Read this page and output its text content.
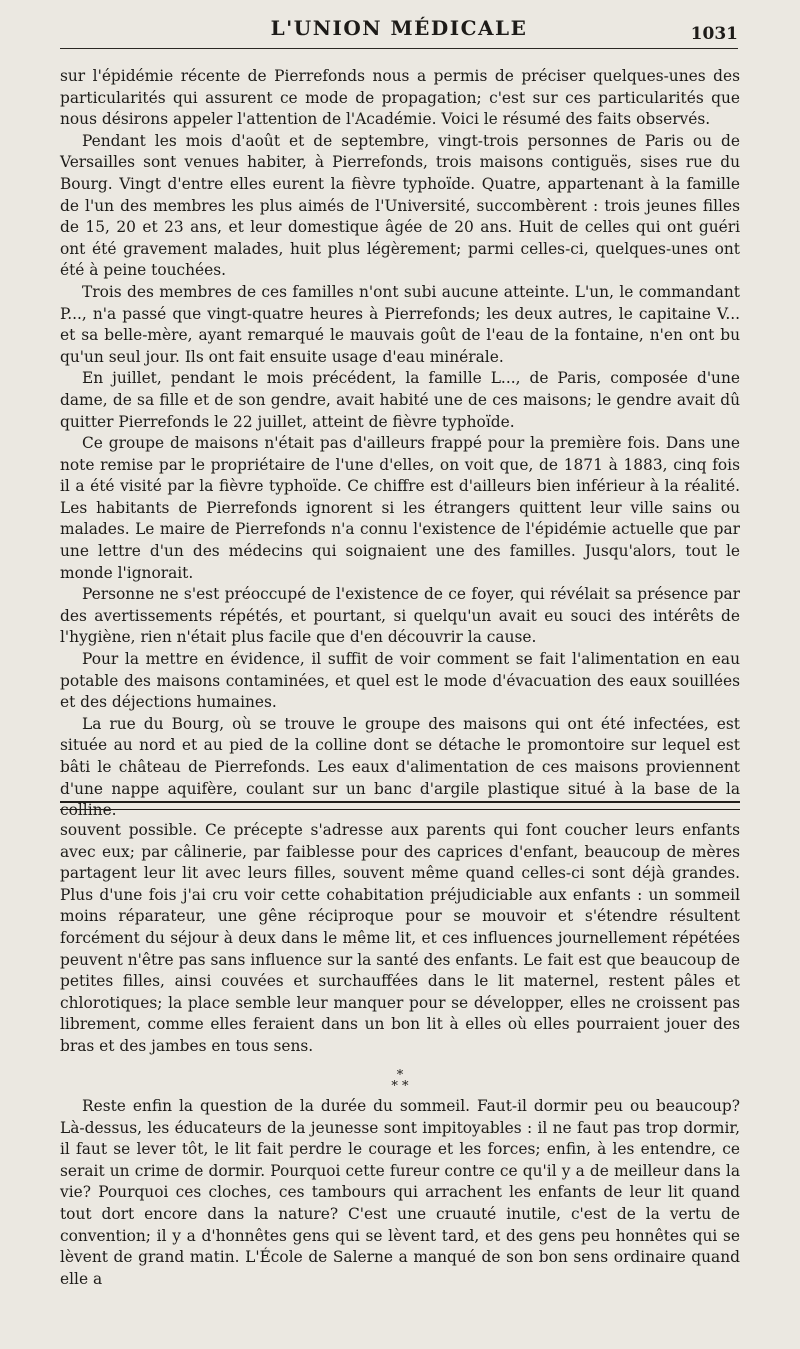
L'UNION MÉDICALE	1031

sur l'épidémie récente de Pierrefonds nous a permis de préciser quelques-unes des particularités qui assurent ce mode de propagation; c'est sur ces particularités que nous désirons appeler l'attention de l'Académie. Voici le résumé des faits observés.

Pendant les mois d'août et de septembre, vingt-trois personnes de Paris ou de Versailles sont venues habiter, à Pierrefonds, trois maisons contiguës, sises rue du Bourg. Vingt d'entre elles eurent la fièvre typhoïde. Quatre, appartenant à la famille de l'un des membres les plus aimés de l'Université, succombèrent : trois jeunes filles de 15, 20 et 23 ans, et leur domestique âgée de 20 ans. Huit de celles qui ont guéri ont été gravement malades, huit plus légèrement; parmi celles-ci, quelques-unes ont été à peine touchées.

Trois des membres de ces familles n'ont subi aucune atteinte. L'un, le commandant P..., n'a passé que vingt-quatre heures à Pierrefonds; les deux autres, le capitaine V... et sa belle-mère, ayant remarqué le mauvais goût de l'eau de la fontaine, n'en ont bu qu'un seul jour. Ils ont fait ensuite usage d'eau minérale.

En juillet, pendant le mois précédent, la famille L..., de Paris, composée d'une dame, de sa fille et de son gendre, avait habité une de ces maisons; le gendre avait dû quitter Pierrefonds le 22 juillet, atteint de fièvre typhoïde.

Ce groupe de maisons n'était pas d'ailleurs frappé pour la première fois. Dans une note remise par le propriétaire de l'une d'elles, on voit que, de 1871 à 1883, cinq fois il a été visité par la fièvre typhoïde. Ce chiffre est d'ailleurs bien inférieur à la réalité. Les habitants de Pierrefonds ignorent si les étrangers quittent leur ville sains ou malades. Le maire de Pierrefonds n'a connu l'existence de l'épidémie actuelle que par une lettre d'un des médecins qui soignaient une des familles. Jusqu'alors, tout le monde l'ignorait.

Personne ne s'est préoccupé de l'existence de ce foyer, qui révélait sa présence par des avertissements répétés, et pourtant, si quelqu'un avait eu souci des intérêts de l'hygiène, rien n'était plus facile que d'en découvrir la cause.

Pour la mettre en évidence, il suffit de voir comment se fait l'alimentation en eau potable des maisons contaminées, et quel est le mode d'évacuation des eaux souillées et des déjections humaines.

La rue du Bourg, où se trouve le groupe des maisons qui ont été infectées, est située au nord et au pied de la colline dont se détache le promontoire sur lequel est bâti le château de Pierrefonds. Les eaux d'alimentation de ces maisons proviennent d'une nappe aquifère, coulant sur un banc d'argile plastique situé à la base de la colline.

souvent possible. Ce précepte s'adresse aux parents qui font coucher leurs enfants avec eux; par câlinerie, par faiblesse pour des caprices d'enfant, beaucoup de mères partagent leur lit avec leurs filles, souvent même quand celles-ci sont déjà grandes. Plus d'une fois j'ai cru voir cette cohabitation préjudiciable aux enfants : un sommeil moins réparateur, une gêne réciproque pour se mouvoir et s'étendre résultent forcément du séjour à deux dans le même lit, et ces influences journellement répétées peuvent n'être pas sans influence sur la santé des enfants. Le fait est que beaucoup de petites filles, ainsi couvées et surchauffées dans le lit maternel, restent pâles et chlorotiques; la place semble leur manquer pour se développer, elles ne croissent pas librement, comme elles feraient dans un bon lit à elles où elles pourraient jouer des bras et des jambes en tous sens.

*
* *

Reste enfin la question de la durée du sommeil. Faut-il dormir peu ou beaucoup? Là-dessus, les éducateurs de la jeunesse sont impitoyables : il ne faut pas trop dormir, il faut se lever tôt, le lit fait perdre le courage et les forces; enfin, à les entendre, ce serait un crime de dormir. Pourquoi cette fureur contre ce qu'il y a de meilleur dans la vie? Pourquoi ces cloches, ces tambours qui arrachent les enfants de leur lit quand tout dort encore dans la nature? C'est une cruauté inutile, c'est de la vertu de convention; il y a d'honnêtes gens qui se lèvent tard, et des gens peu honnêtes qui se lèvent de grand matin. L'École de Salerne a manqué de son bon sens ordinaire quand elle a
